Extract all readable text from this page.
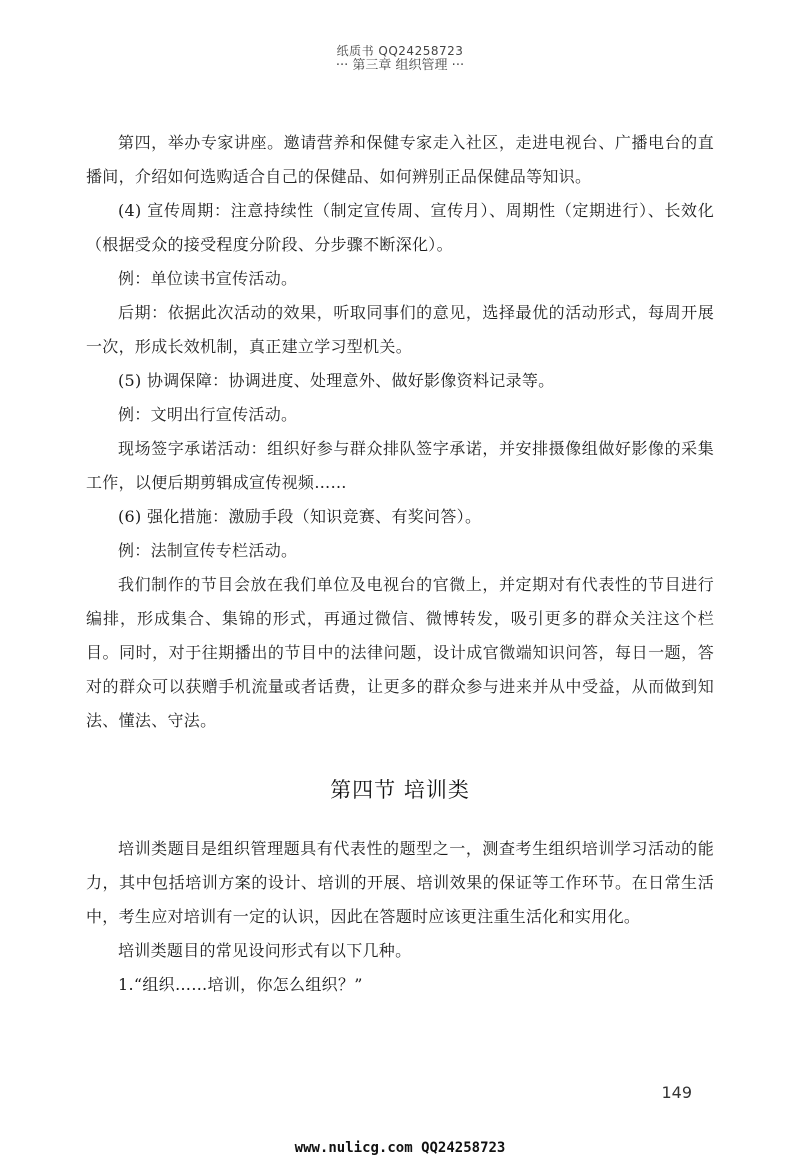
纸质书 QQ24258723
··· 第三章 组织管理 ···

第四，举办专家讲座。邀请营养和保健专家走入社区，走进电视台、广播电台的直播间，介绍如何选购适合自己的保健品、如何辨别正品保健品等知识。

(4) 宣传周期：注意持续性（制定宣传周、宣传月）、周期性（定期进行）、长效化（根据受众的接受程度分阶段、分步骤不断深化）。

例：单位读书宣传活动。

后期：依据此次活动的效果，听取同事们的意见，选择最优的活动形式，每周开展一次，形成长效机制，真正建立学习型机关。

(5) 协调保障：协调进度、处理意外、做好影像资料记录等。

例：文明出行宣传活动。

现场签字承诺活动：组织好参与群众排队签字承诺，并安排摄像组做好影像的采集工作，以便后期剪辑成宣传视频……

(6) 强化措施：激励手段（知识竞赛、有奖问答）。

例：法制宣传专栏活动。

我们制作的节目会放在我们单位及电视台的官微上，并定期对有代表性的节目进行编排，形成集合、集锦的形式，再通过微信、微博转发，吸引更多的群众关注这个栏目。同时，对于往期播出的节目中的法律问题，设计成官微端知识问答，每日一题，答对的群众可以获赠手机流量或者话费，让更多的群众参与进来并从中受益，从而做到知法、懂法、守法。

第四节 培训类

培训类题目是组织管理题具有代表性的题型之一，测查考生组织培训学习活动的能力，其中包括培训方案的设计、培训的开展、培训效果的保证等工作环节。在日常生活中，考生应对培训有一定的认识，因此在答题时应该更注重生活化和实用化。

培训类题目的常见设问形式有以下几种。

1.“组织……培训，你怎么组织？”

149
www.nulicg.com QQ24258723
